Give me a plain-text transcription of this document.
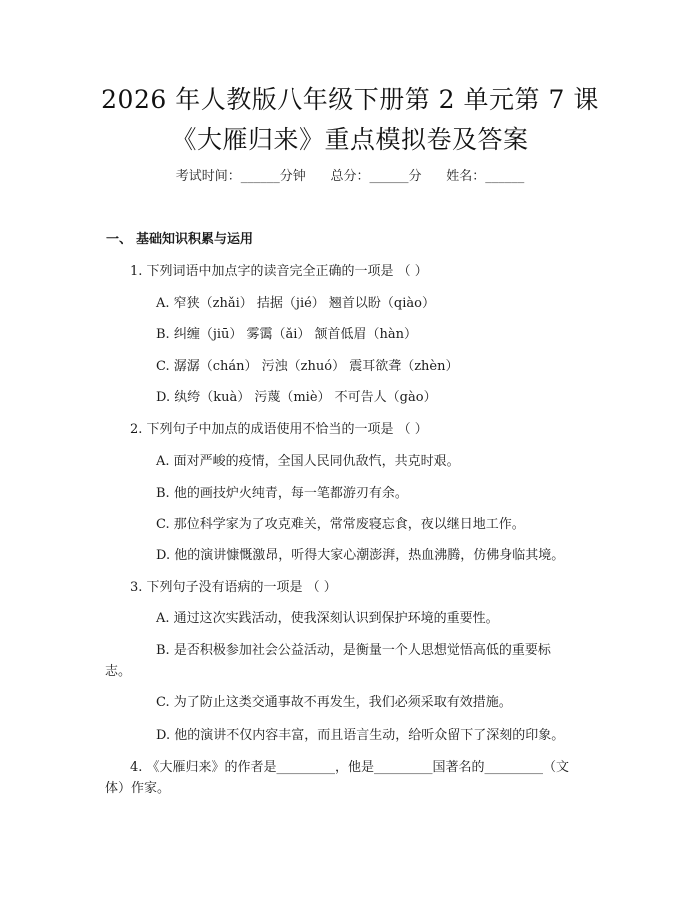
2026 年人教版八年级下册第 2 单元第 7 课
《大雁归来》重点模拟卷及答案
考试时间：______分钟      总分：______分      姓名：______
一、 基础知识积累与运用
1. 下列词语中加点字的读音完全正确的一项是 （ ）
A. 窄狭（zhǎi） 拮据（jié） 翘首以盼（qiào）
B. 纠缠（jiū） 雾霭（ǎi） 颔首低眉（hàn）
C. 潺潺（chán） 污浊（zhuó） 震耳欲聋（zhèn）
D. 纨绔（kuà） 污蔑（miè） 不可告人（gào）
2. 下列句子中加点的成语使用不恰当的一项是 （ ）
A. 面对严峻的疫情，全国人民同仇敌忾，共克时艰。
B. 他的画技炉火纯青，每一笔都游刃有余。
C. 那位科学家为了攻克难关，常常废寝忘食，夜以继日地工作。
D. 他的演讲慷慨激昂，听得大家心潮澎湃，热血沸腾，仿佛身临其境。
3. 下列句子没有语病的一项是 （ ）
A. 通过这次实践活动，使我深刻认识到保护环境的重要性。
B. 是否积极参加社会公益活动，是衡量一个人思想觉悟高低的重要标
志。
C. 为了防止这类交通事故不再发生，我们必须采取有效措施。
D. 他的演讲不仅内容丰富，而且语言生动，给听众留下了深刻的印象。
4. 《大雁归来》的作者是_________，他是_________国著名的_________（文
体）作家。
